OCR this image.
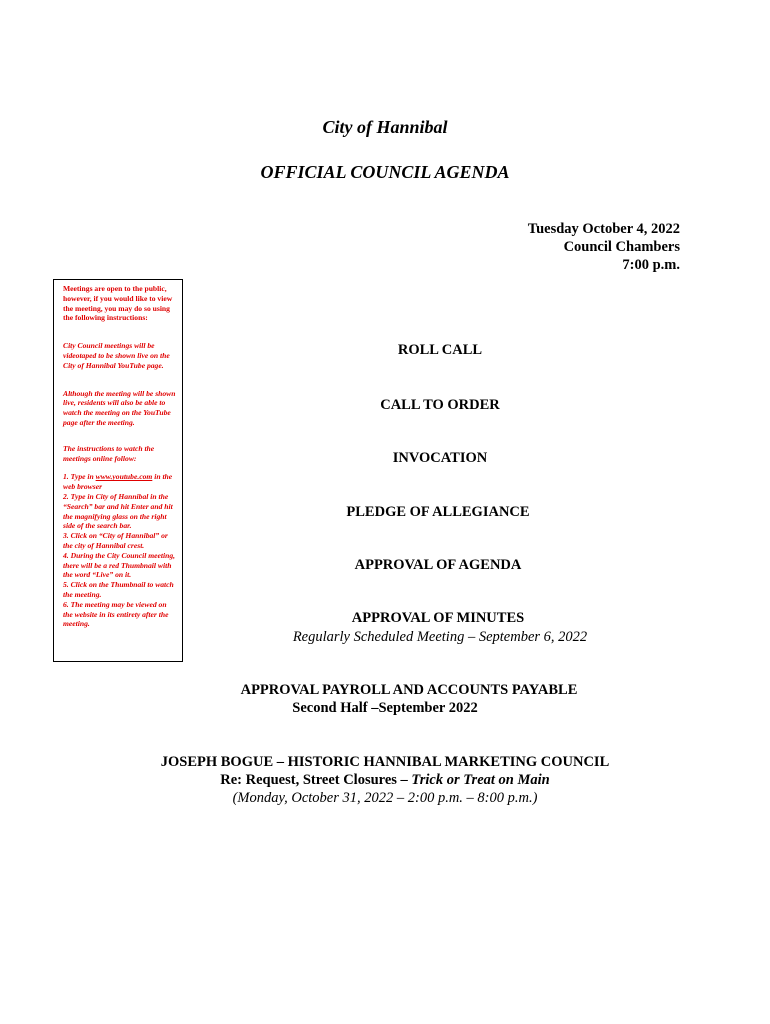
City of Hannibal
OFFICIAL COUNCIL AGENDA
Tuesday October 4, 2022
Council Chambers
7:00 p.m.

Meetings are open to the public, however, if you would like to view the meeting, you may do so using the following instructions:

City Council meetings will be videotaped to be shown live on the City of Hannibal YouTube page.

Although the meeting will be shown live, residents will also be able to watch the meeting on the YouTube page after the meeting.

The instructions to watch the meetings online follow:

1. Type in www.youtube.com in the web browser
2. Type in City of Hannibal in the “Search” bar and hit Enter and hit the magnifying glass on the right side of the search bar.
3. Click on “City of Hannibal” or the city of Hannibal crest.
4. During the City Council meeting, there will be a red Thumbnail with the word “Live” on it.
5. Click on the Thumbnail to watch the meeting.
6. The meeting may be viewed on the website in its entirety after the meeting.
ROLL CALL
CALL TO ORDER
INVOCATION
PLEDGE OF ALLEGIANCE
APPROVAL OF AGENDA
APPROVAL OF MINUTES
Regularly Scheduled Meeting – September 6, 2022
APPROVAL PAYROLL AND ACCOUNTS PAYABLE
Second Half –September 2022
JOSEPH BOGUE – HISTORIC HANNIBAL MARKETING COUNCIL
Re: Request, Street Closures – Trick or Treat on Main
(Monday, October 31, 2022 – 2:00 p.m. – 8:00 p.m.)
